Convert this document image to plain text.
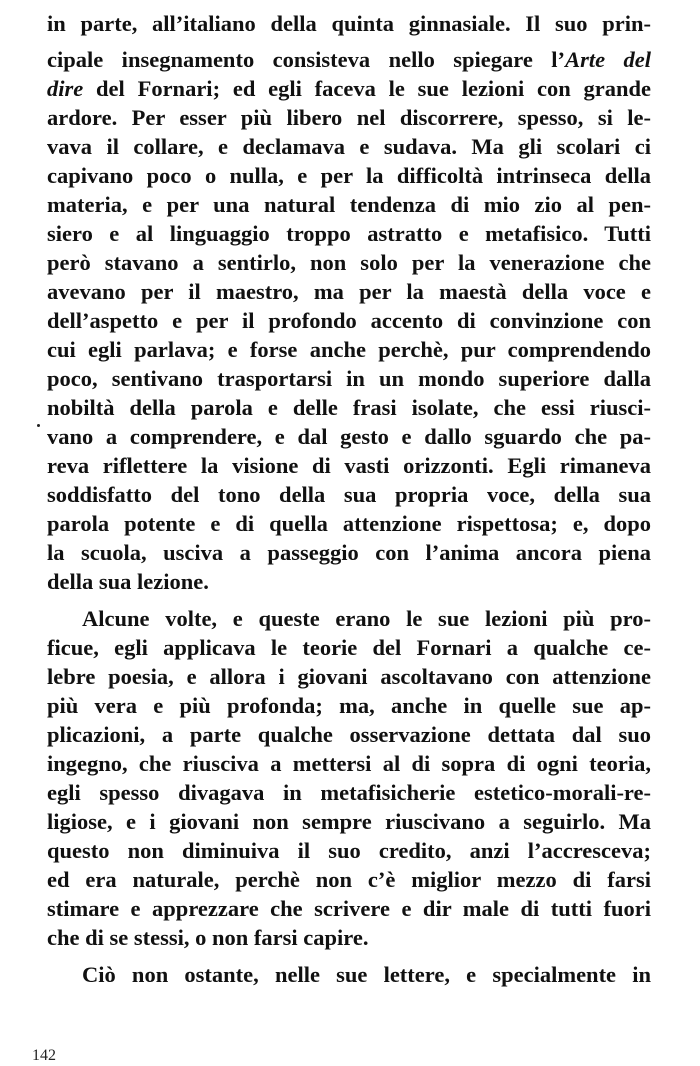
in parte, all’italiano della quinta ginnasiale. Il suo prin-
cipale insegnamento consisteva nello spiegare l’Arte del
dire del Fornari; ed egli faceva le sue lezioni con grande
ardore. Per esser più libero nel discorrere, spesso, si le-
vava il collare, e declamava e sudava. Ma gli scolari ci
capivano poco o nulla, e per la difficoltà intrinseca della
materia, e per una natural tendenza di mio zio al pen-
siero e al linguaggio troppo astratto e metafisico. Tutti
però stavano a sentirlo, non solo per la venerazione che
avevano per il maestro, ma per la maestà della voce e
dell’aspetto e per il profondo accento di convinzione con
cui egli parlava; e forse anche perchè, pur comprendendo
poco, sentivano trasportarsi in un mondo superiore dalla
nobiltà della parola e delle frasi isolate, che essi riusci-
vano a comprendere, e dal gesto e dallo sguardo che pa-
reva riflettere la visione di vasti orizzonti. Egli rimaneva
soddisfatto del tono della sua propria voce, della sua
parola potente e di quella attenzione rispettosa; e, dopo
la scuola, usciva a passeggio con l’anima ancora piena
della sua lezione.
Alcune volte, e queste erano le sue lezioni più pro-
ficue, egli applicava le teorie del Fornari a qualche ce-
lebre poesia, e allora i giovani ascoltavano con attenzione
più vera e più profonda; ma, anche in quelle sue ap-
plicazioni, a parte qualche osservazione dettata dal suo
ingegno, che riusciva a mettersi al di sopra di ogni teoria,
egli spesso divagava in metafisicherie estetico-morali-re-
ligiose, e i giovani non sempre riuscivano a seguirlo. Ma
questo non diminuiva il suo credito, anzi l’accresceva;
ed era naturale, perchè non c’è miglior mezzo di farsi
stimare e apprezzare che scrivere e dir male di tutti fuori
che di se stessi, o non farsi capire.
Ciò non ostante, nelle sue lettere, e specialmente in
142
